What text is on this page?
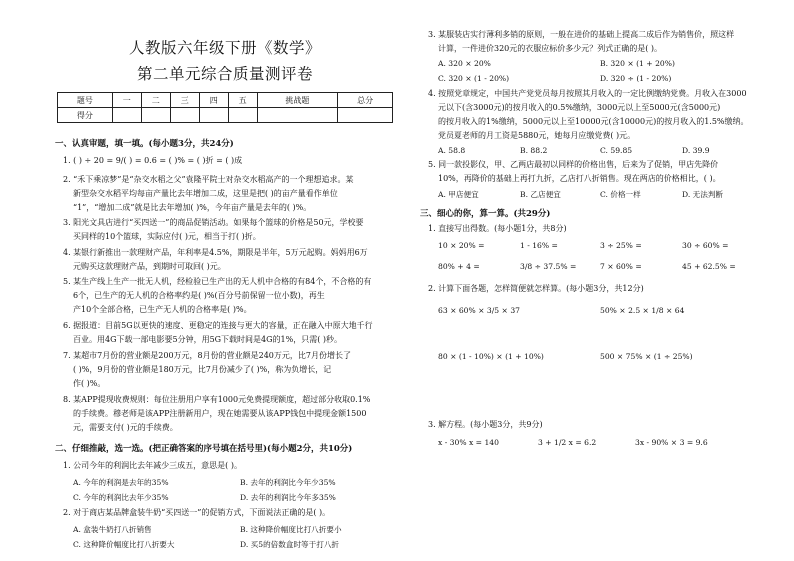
人教版六年级下册《数学》
第二单元综合质量测评卷
题号	一	二	三	四	五	挑战题	总分
得分							
一、认真审题，填一填。(每小题3分，共24分)
1. ( ) ÷ 20 = 9/( ) = 0.6 = ( )% = ( )折 = ( )成
2. “禾下乘凉梦”是“杂交水稻之父”袁隆平院士对杂交水稻高产的一个理想追求。某
新型杂交水稻平均每亩产量比去年增加二成，这里是把( )的亩产量看作单位
“1”，“增加二成”就是比去年增加( )%，今年亩产量是去年的( )%。
3. 阳光文具店进行“买四送一”的商品促销活动。如果每个篮球的价格是50元，学校要
买同样的10个篮球，实际应付( )元，相当于打( )折。
4. 某银行新推出一款理财产品，年利率是4.5%，期限是半年，5万元起购。妈妈用6万
元购买这款理财产品，到期时可取回( )元。
5. 某生产线上生产一批无人机，经检验已生产出的无人机中合格的有84个，不合格的有
6个，已生产的无人机的合格率约是( )%(百分号前保留一位小数)，再生
产10个全部合格，已生产无人机的合格率是( )%。
6. 据报道：目前5G以更快的速度、更稳定的连接与更大的容量，正在融入中原大地千行
百业。用4G下载一部电影要5分钟，用5G下载时间是4G的1%，只需( )秒。
7. 某超市7月份的营业额是200万元，8月份的营业额是240万元，比7月份增长了
( )%，9月份的营业额是180万元，比7月份减少了( )%，称为负增长，记
作( )%。
8. 某APP提现收费规则：每位注册用户享有1000元免费提现额度，超过部分收取0.1%
的手续费。穆老师是该APP注册新用户，现在她需要从该APP钱包中提现金额1500
元，需要支付( )元的手续费。
二、仔细推敲，选一选。(把正确答案的序号填在括号里)(每小题2分，共10分)
1. 公司今年的利润比去年减少三成五，意思是( )。
A. 今年的利润是去年的35%	B. 去年的利润比今年少35%
C. 今年的利润比去年少35%	D. 去年的利润比今年多35%
2. 对于商店某品牌盒装牛奶“买四送一”的促销方式，下面说法正确的是( )。
A. 盒装牛奶打八折销售	B. 这种降价幅度比打八折要小
C. 这种降价幅度比打八折要大	D. 买5的倍数盒时等于打八折
3. 某服装店实行薄利多销的原则，一般在进价的基础上提高二成后作为销售价，照这样
计算，一件进价320元的衣服应标价多少元？列式正确的是( )。
A. 320 × 20%	B. 320 × (1 + 20%)
C. 320 × (1 - 20%)	D. 320 ÷ (1 - 20%)
4. 按照党章规定，中国共产党党员每月按照其月收入的一定比例缴纳党费。月收入在3000
元以下(含3000元)的按月收入的0.5%缴纳，3000元以上至5000元(含5000元)
的按月收入的1%缴纳，5000元以上至10000元(含10000元)的按月收入的1.5%缴纳。
党员夏老师的月工资是5880元，她每月应缴党费( )元。
A. 58.8	B. 88.2	C. 59.85	D. 39.9
5. 同一款投影仪，甲、乙两店最初以同样的价格出售，后来为了促销，甲店先降价
10%，再降价的基础上再打九折，乙店打八折销售。现在两店的价格相比，( )。
A. 甲店便宜	B. 乙店便宜	C. 价格一样	D. 无法判断
三、细心的你，算一算。(共29分)
1. 直接写出得数。(每小题1分，共8分)
10 × 20% =	1 - 16% =	3 ÷ 25% =	30 ÷ 60% =
80% + 4 =	3/8 ÷ 37.5% =	7 × 60% =	45 + 62.5% =
2. 计算下面各题，怎样简便就怎样算。(每小题3分，共12分)
63 × 60% × 3/5 × 37	50% × 2.5 × 1/8 × 64
80 × (1 - 10%) × (1 + 10%)	500 × 75% × (1 ÷ 25%)
3. 解方程。(每小题3分，共9分)
x - 30% x = 140	3 + 1/2 x = 6.2	3x - 90% × 3 = 9.6
